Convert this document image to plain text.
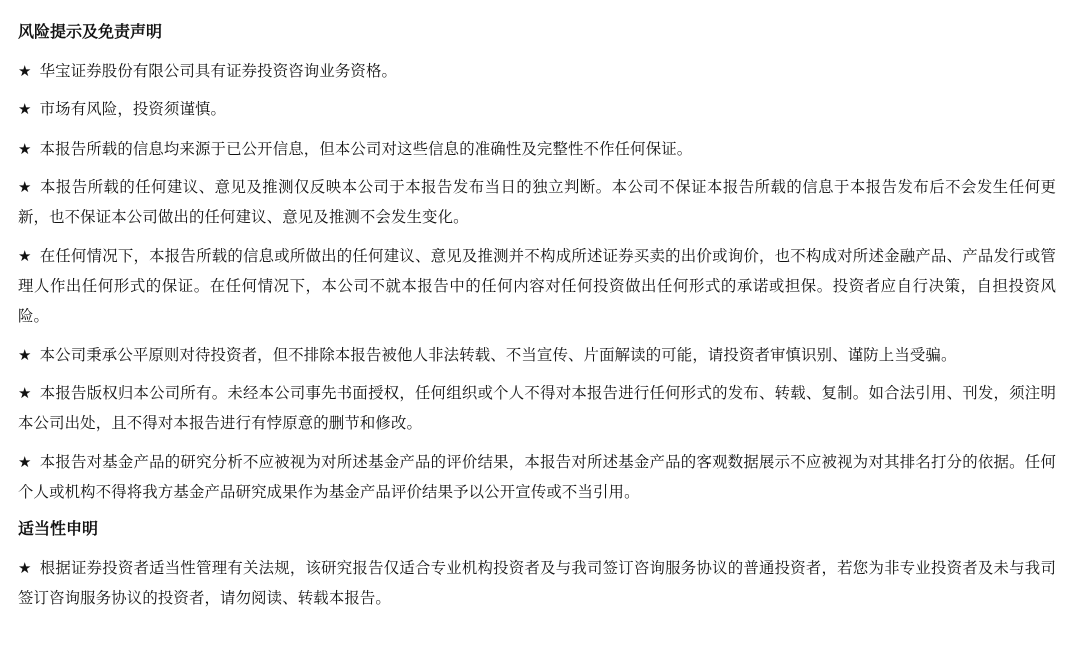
风险提示及免责声明

★ 华宝证券股份有限公司具有证券投资咨询业务资格。

★ 市场有风险，投资须谨慎。

★ 本报告所载的信息均来源于已公开信息，但本公司对这些信息的准确性及完整性不作任何保证。

★ 本报告所载的任何建议、意见及推测仅反映本公司于本报告发布当日的独立判断。本公司不保证本报告所载的信息于本报告发布后不会发生任何更新，也不保证本公司做出的任何建议、意见及推测不会发生变化。

★ 在任何情况下，本报告所载的信息或所做出的任何建议、意见及推测并不构成所述证券买卖的出价或询价，也不构成对所述金融产品、产品发行或管理人作出任何形式的保证。在任何情况下，本公司不就本报告中的任何内容对任何投资做出任何形式的承诺或担保。投资者应自行决策，自担投资风险。

★ 本公司秉承公平原则对待投资者，但不排除本报告被他人非法转载、不当宣传、片面解读的可能，请投资者审慎识别、谨防上当受骗。

★ 本报告版权归本公司所有。未经本公司事先书面授权，任何组织或个人不得对本报告进行任何形式的发布、转载、复制。如合法引用、刊发，须注明本公司出处，且不得对本报告进行有悖原意的删节和修改。

★ 本报告对基金产品的研究分析不应被视为对所述基金产品的评价结果，本报告对所述基金产品的客观数据展示不应被视为对其排名打分的依据。任何个人或机构不得将我方基金产品研究成果作为基金产品评价结果予以公开宣传或不当引用。

适当性申明

★ 根据证券投资者适当性管理有关法规，该研究报告仅适合专业机构投资者及与我司签订咨询服务协议的普通投资者，若您为非专业投资者及未与我司签订咨询服务协议的投资者，请勿阅读、转载本报告。
